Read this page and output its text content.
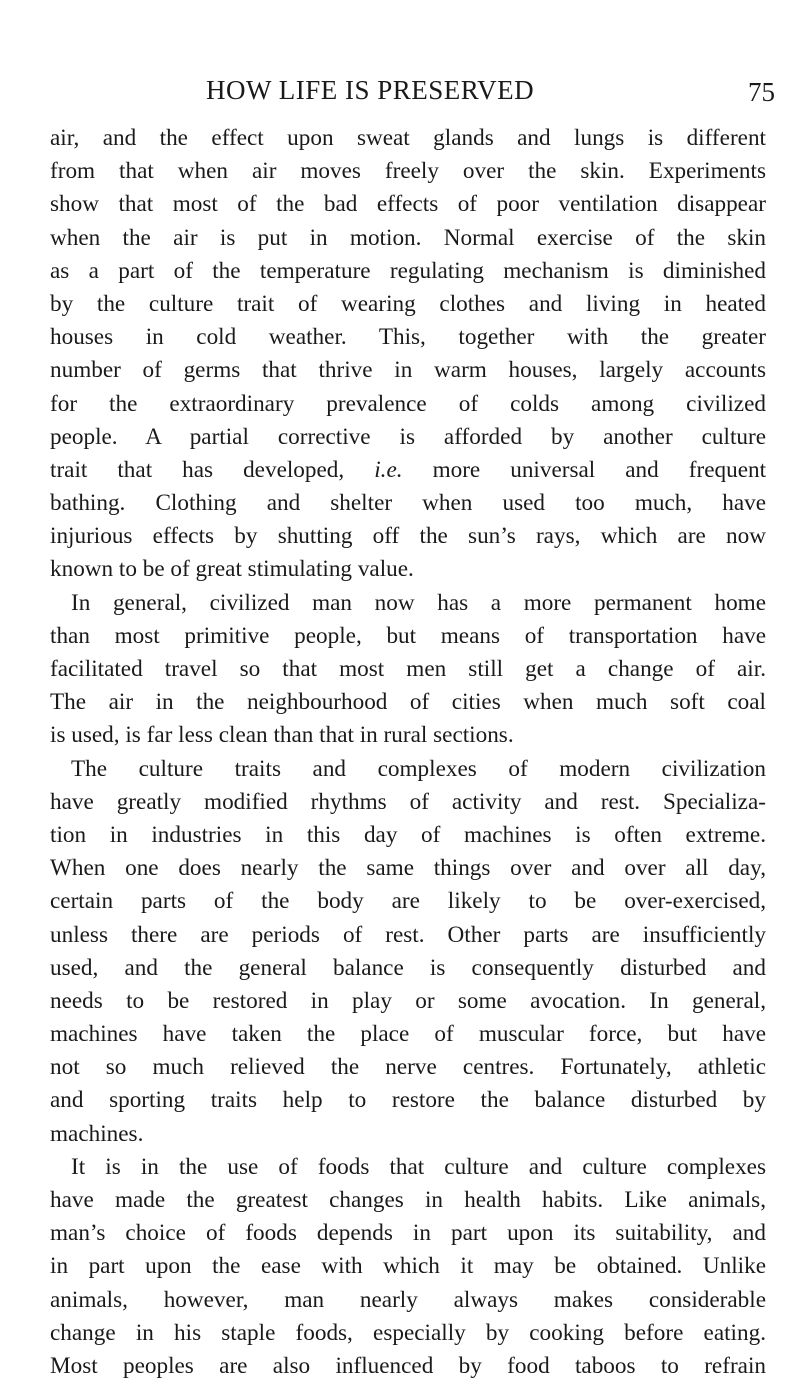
HOW LIFE IS PRESERVED	75
air, and the effect upon sweat glands and lungs is different
from that when air moves freely over the skin. Experiments
show that most of the bad effects of poor ventilation disappear
when the air is put in motion. Normal exercise of the skin
as a part of the temperature regulating mechanism is diminished
by the culture trait of wearing clothes and living in heated
houses in cold weather. This, together with the greater
number of germs that thrive in warm houses, largely accounts
for the extraordinary prevalence of colds among civilized
people. A partial corrective is afforded by another culture
trait that has developed, i.e. more universal and frequent
bathing. Clothing and shelter when used too much, have
injurious effects by shutting off the sun’s rays, which are now
known to be of great stimulating value.
In general, civilized man now has a more permanent home
than most primitive people, but means of transportation have
facilitated travel so that most men still get a change of air.
The air in the neighbourhood of cities when much soft coal
is used, is far less clean than that in rural sections.
The culture traits and complexes of modern civilization
have greatly modified rhythms of activity and rest. Specializa-
tion in industries in this day of machines is often extreme.
When one does nearly the same things over and over all day,
certain parts of the body are likely to be over-exercised,
unless there are periods of rest. Other parts are insufficiently
used, and the general balance is consequently disturbed and
needs to be restored in play or some avocation. In general,
machines have taken the place of muscular force, but have
not so much relieved the nerve centres. Fortunately, athletic
and sporting traits help to restore the balance disturbed by
machines.
It is in the use of foods that culture and culture complexes
have made the greatest changes in health habits. Like animals,
man’s choice of foods depends in part upon its suitability, and
in part upon the ease with which it may be obtained. Unlike
animals, however, man nearly always makes considerable
change in his staple foods, especially by cooking before eating.
Most peoples are also influenced by food taboos to refrain
